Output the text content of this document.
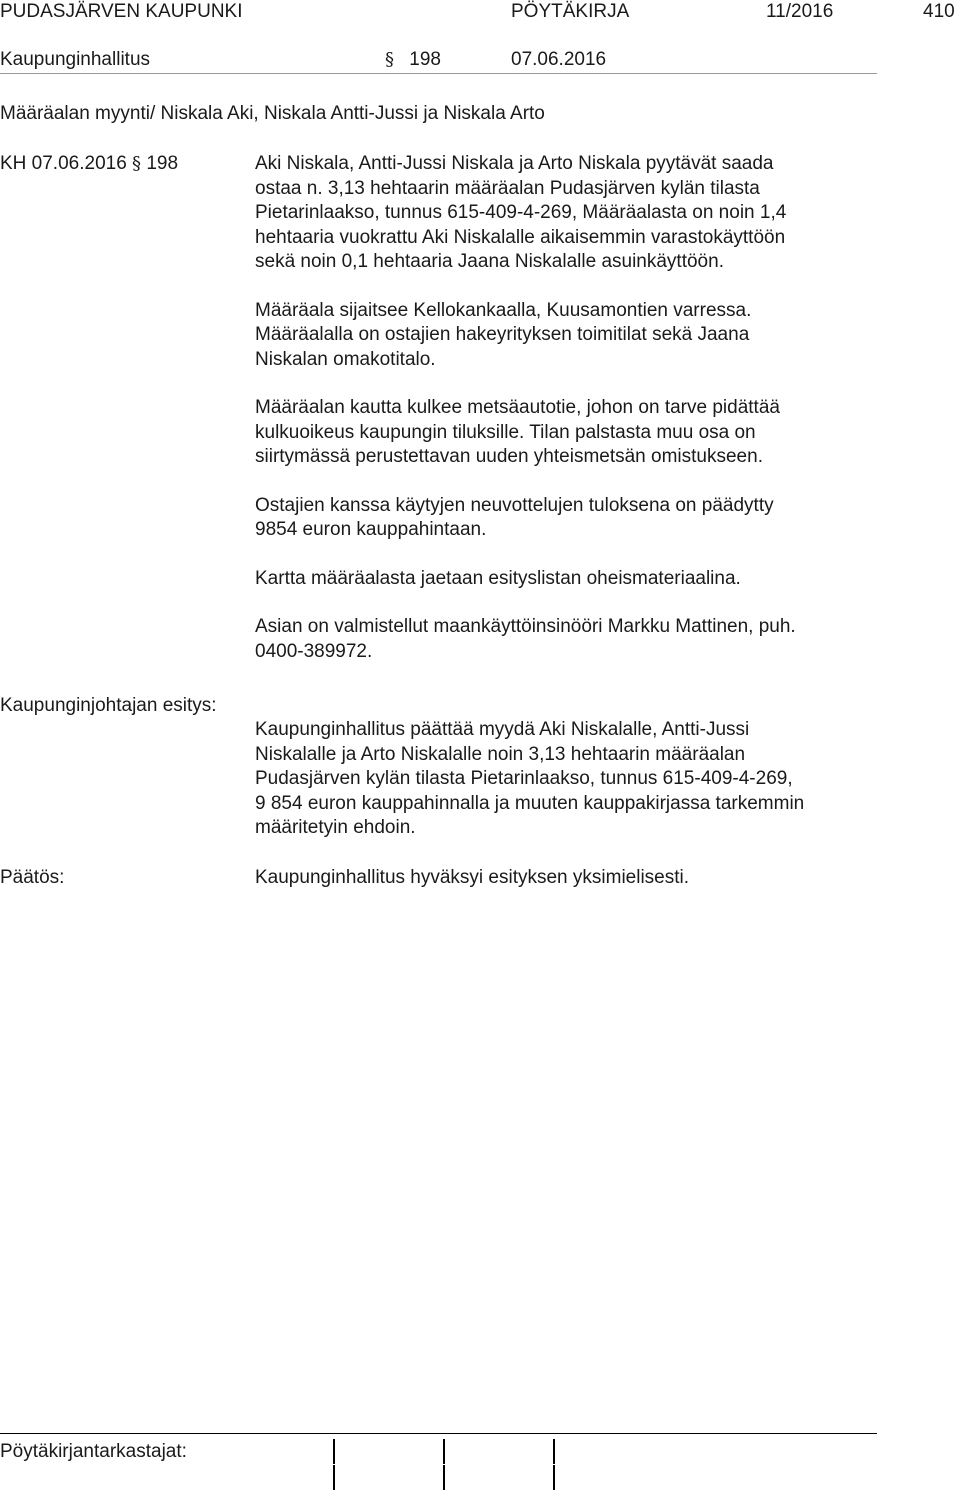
PUDASJÄRVEN KAUPUNKI	PÖYTÄKIRJA	11/2016	410
Kaupunginhallitus	§ 198	07.06.2016
Määräalan myynti/ Niskala Aki, Niskala Antti-Jussi ja Niskala Arto
KH 07.06.2016 § 198	Aki Niskala, Antti-Jussi Niskala ja Arto Niskala pyytävät saada

ostaa n. 3,13 hehtaarin määräalan Pudasjärven kylän tilasta

Pietarinlaakso, tunnus 615-409-4-269, Määräalasta on noin 1,4

hehtaaria vuokrattu Aki Niskalalle aikaisemmin varastokäyttöön

sekä noin 0,1 hehtaaria Jaana Niskalalle asuinkäyttöön.

Määräala sijaitsee Kellokankaalla, Kuusamontien varressa.

Määräalalla on ostajien hakeyrityksen toimitilat sekä Jaana

Niskalan omakotitalo.

Määräalan kautta kulkee metsäautotie, johon on tarve pidättää

kulkuoikeus kaupungin tiluksille. Tilan palstasta muu osa on

siirtymässä perustettavan uuden yhteismetsän omistukseen.

Ostajien kanssa käytyjen neuvottelujen tuloksena on päädytty

9854 euron kauppahintaan.

Kartta määräalasta jaetaan esityslistan oheismateriaalina.

Asian on valmistellut maankäyttöinsinööri Markku Mattinen, puh.

0400-389972.

Kaupunginjohtajan esitys:

Kaupunginhallitus päättää myydä Aki Niskalalle, Antti-Jussi

Niskalalle ja Arto Niskalalle noin 3,13 hehtaarin määräalan

Pudasjärven kylän tilasta Pietarinlaakso, tunnus 615-409-4-269,

9 854 euron kauppahinnalla ja muuten kauppakirjassa tarkemmin

määritetyin ehdoin.

Päätös:	Kaupunginhallitus hyväksyi esityksen yksimielisesti.
Pöytäkirjantarkastajat:
